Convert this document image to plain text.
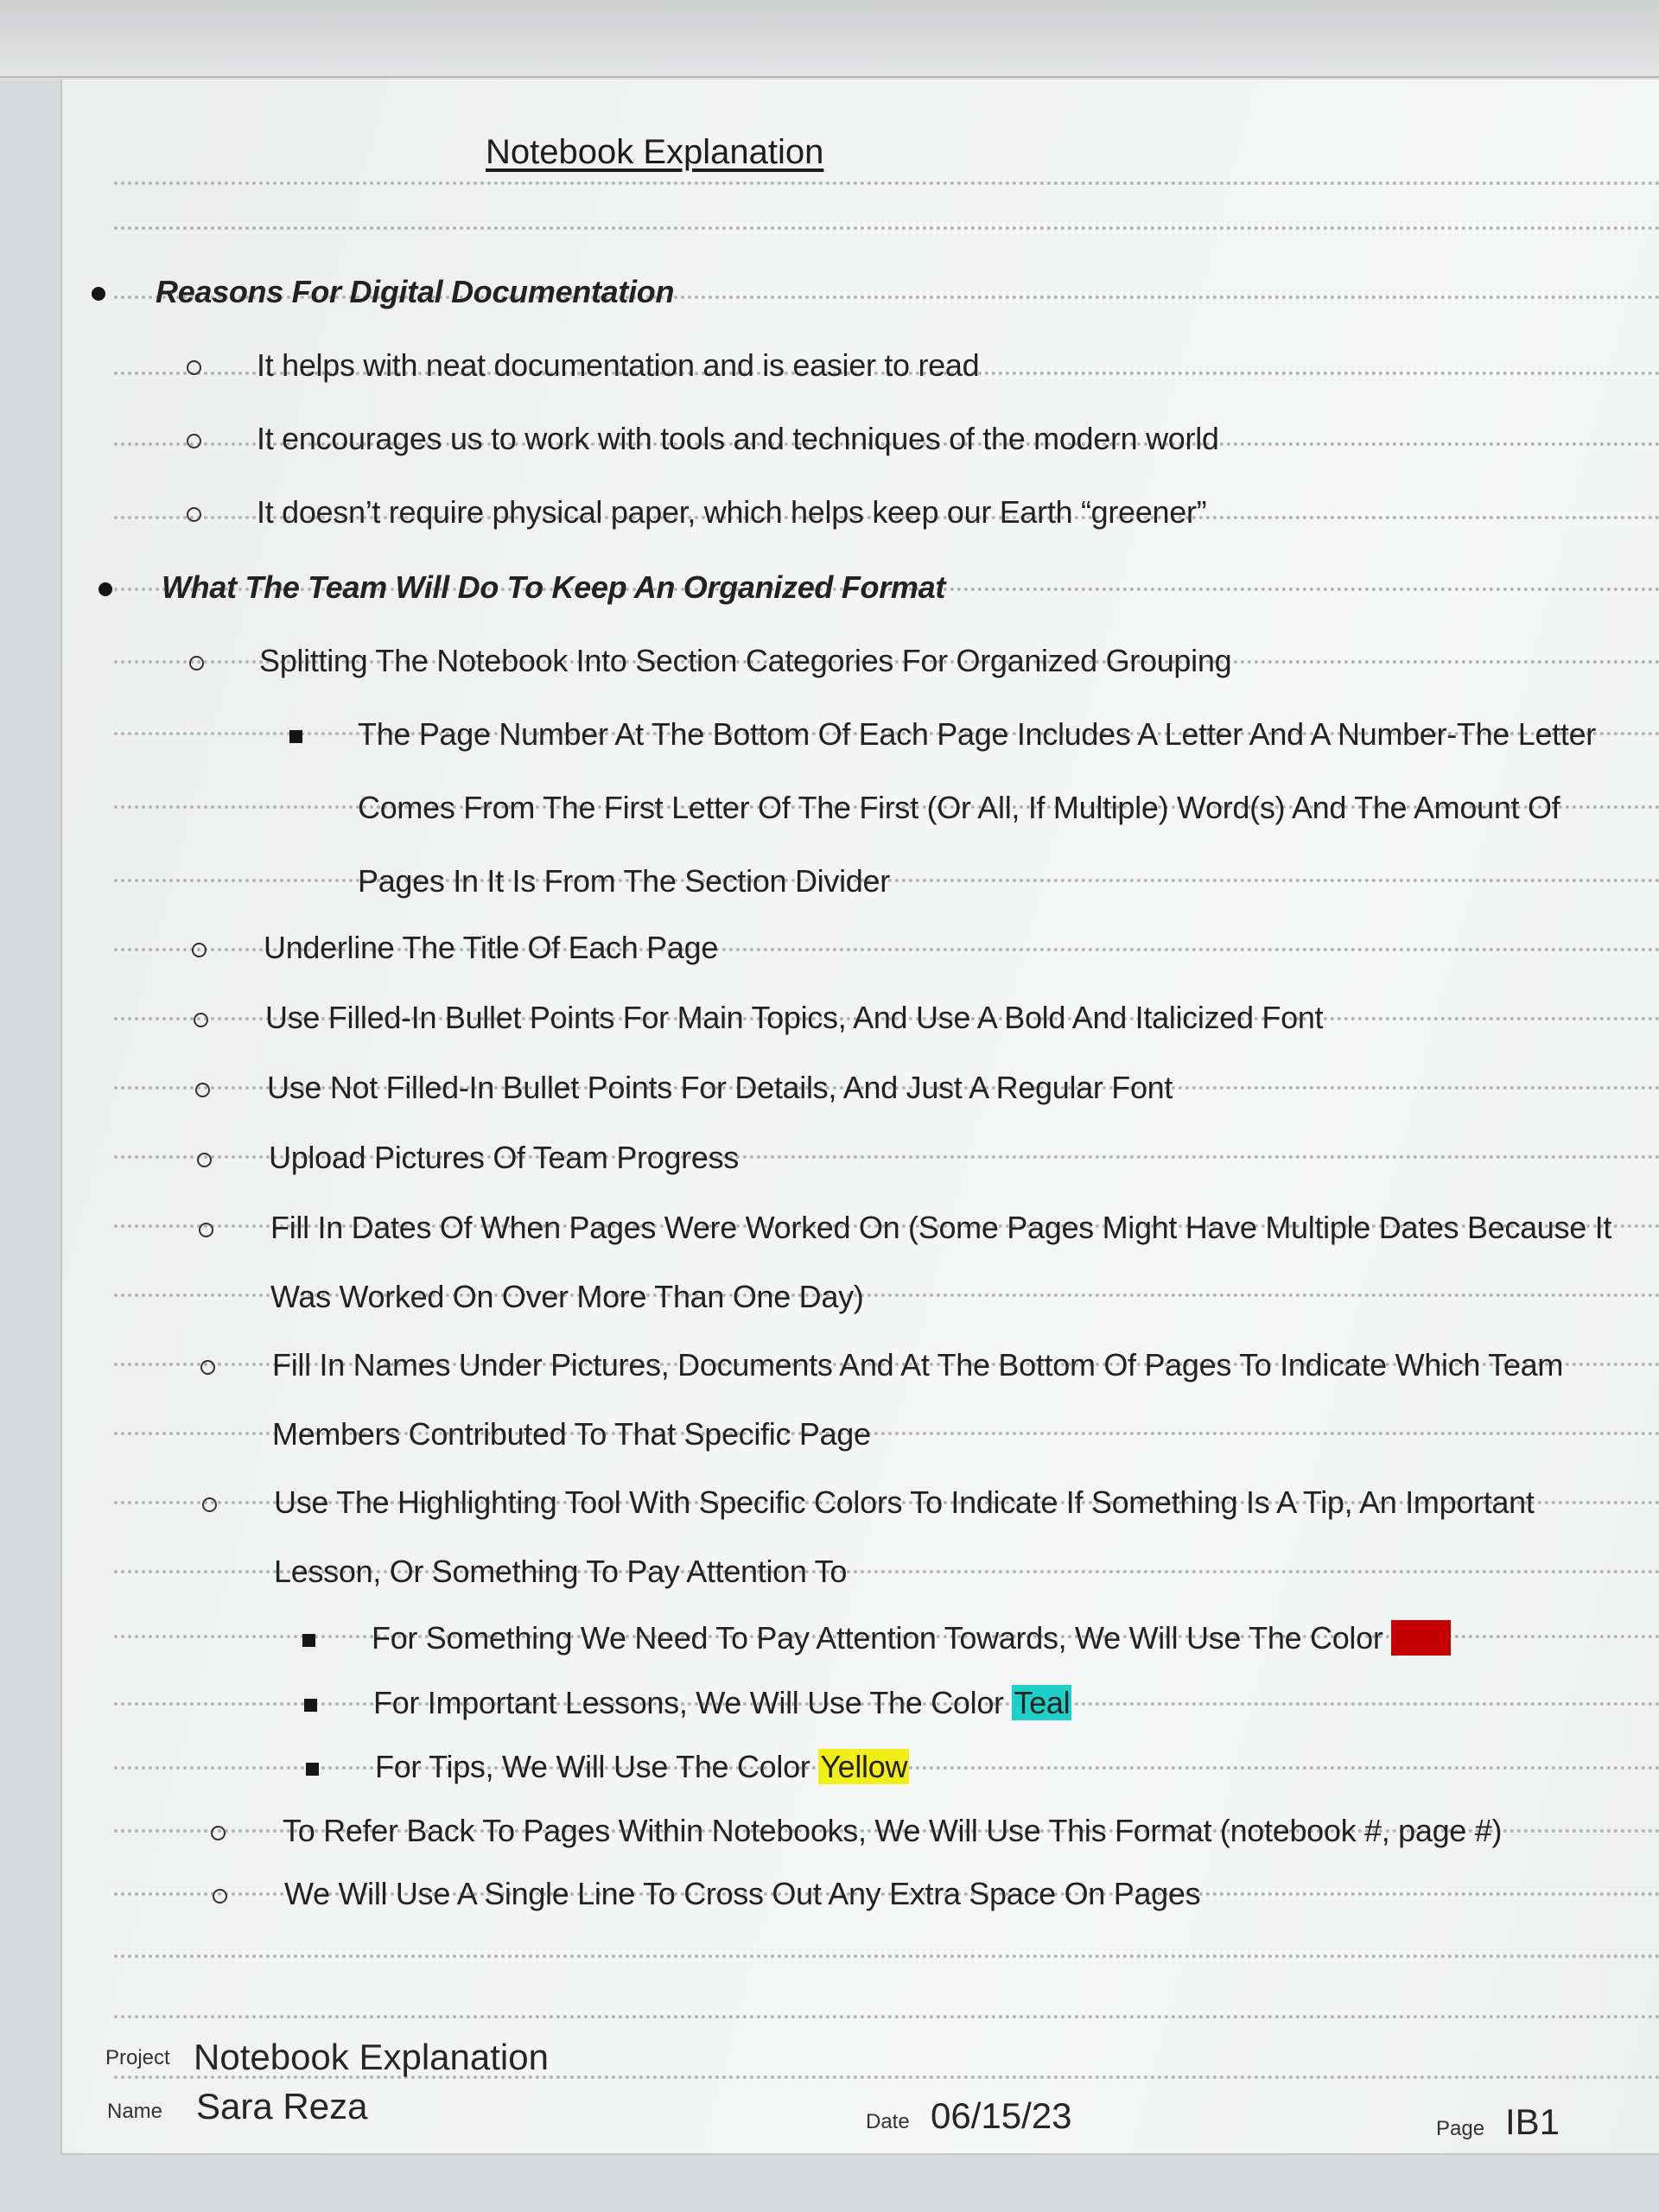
Notebook Explanation
Reasons For Digital Documentation
It helps with neat documentation and is easier to read
It encourages us to work with tools and techniques of the modern world
It doesn’t require physical paper, which helps keep our Earth “greener”
What The Team Will Do To Keep An Organized Format
Splitting The Notebook Into Section Categories For Organized Grouping
The Page Number At The Bottom Of Each Page Includes A Letter And A Number-The Letter
Comes From The First Letter Of The First (Or All, If Multiple) Word(s) And The Amount Of
Pages In It Is From The Section Divider
Underline The Title Of Each Page
Use Filled-In Bullet Points For Main Topics, And Use A Bold And Italicized Font
Use Not Filled-In Bullet Points For Details, And Just A Regular Font
Upload Pictures Of Team Progress
Fill In Dates Of When Pages Were Worked On (Some Pages Might Have Multiple Dates Because It
Was Worked On Over More Than One Day)
Fill In Names Under Pictures, Documents And At The Bottom Of Pages To Indicate Which Team
Members Contributed To That Specific Page
Use The Highlighting Tool With Specific Colors To Indicate If Something Is A Tip, An Important
Lesson, Or Something To Pay Attention To
For Something We Need To Pay Attention Towards, We Will Use The Color Red
For Important Lessons, We Will Use The Color Teal
For Tips, We Will Use The Color Yellow
To Refer Back To Pages Within Notebooks, We Will Use This Format (notebook #, page #)
We Will Use A Single Line To Cross Out Any Extra Space On Pages
Project Notebook Explanation
Name Sara Reza	Date 06/15/23	Page IB1
